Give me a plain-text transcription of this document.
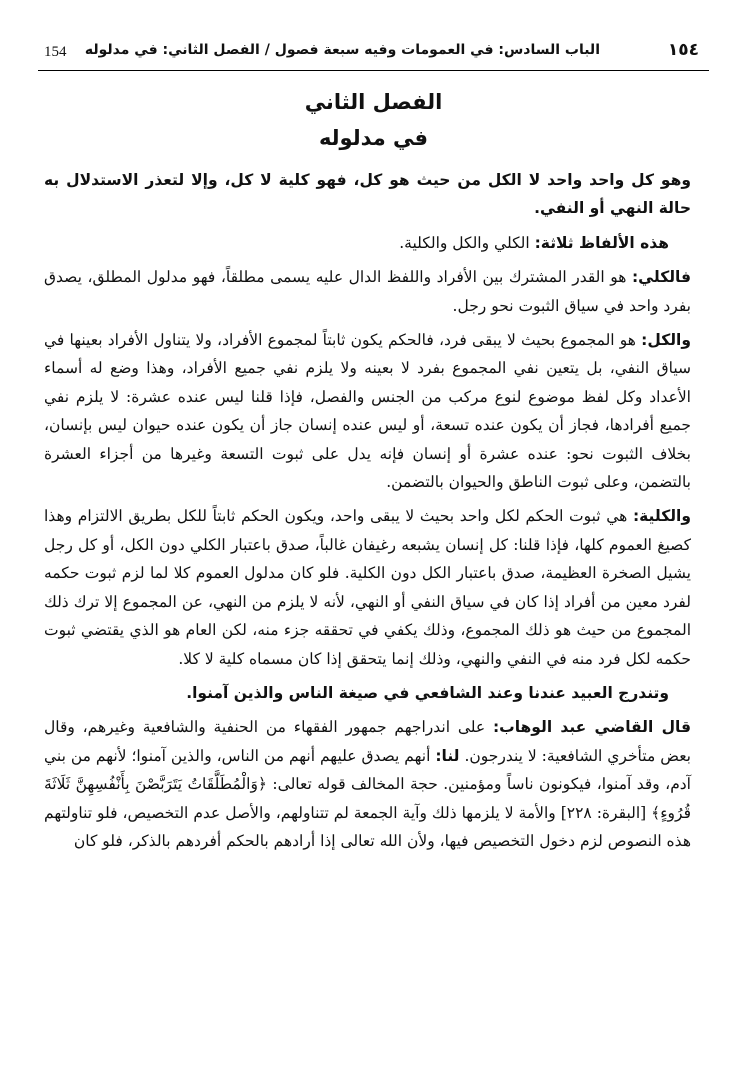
154 الباب السادس: في العمومات وفيه سبعة فصول / الفصل الثاني: في مدلوله	١٥٤
الفصل الثاني
في مدلوله

وهو كل واحد واحد لا الكل من حيث هو كل، فهو كلية لا كل، وإلا لتعذر الاستدلال به حالة النهي أو النفي.

هذه الألفاظ ثلاثة: الكلي والكل والكلية.

فالكلي: هو القدر المشترك بين الأفراد واللفظ الدال عليه يسمى مطلقاً، فهو مدلول المطلق، يصدق بفرد واحد في سياق الثبوت نحو رجل.

والكل: هو المجموع بحيث لا يبقى فرد، فالحكم يكون ثابتاً لمجموع الأفراد، ولا يتناول الأفراد بعينها في سياق النفي، بل يتعين نفي المجموع بفرد لا بعينه ولا يلزم نفي جميع الأفراد، وهذا وضع له أسماء الأعداد وكل لفظ موضوع لنوع مركب من الجنس والفصل، فإذا قلنا ليس عنده عشرة: لا يلزم نفي جميع أفرادها، فجاز أن يكون عنده تسعة، أو ليس عنده إنسان جاز أن يكون عنده حيوان ليس بإنسان، بخلاف الثبوت نحو: عنده عشرة أو إنسان فإنه يدل على ثبوت التسعة وغيرها من أجزاء العشرة بالتضمن، وعلى ثبوت الناطق والحيوان بالتضمن.

والكلية: هي ثبوت الحكم لكل واحد بحيث لا يبقى واحد، ويكون الحكم ثابتاً للكل بطريق الالتزام وهذا كصيغ العموم كلها، فإذا قلنا: كل إنسان يشبعه رغيفان غالباً، صدق باعتبار الكلي دون الكل، أو كل رجل يشيل الصخرة العظيمة، صدق باعتبار الكل دون الكلية. فلو كان مدلول العموم كلا لما لزم ثبوت حكمه لفرد معين من أفراد إذا كان في سياق النفي أو النهي، لأنه لا يلزم من النهي، عن المجموع إلا ترك ذلك المجموع من حيث هو ذلك المجموع، وذلك يكفي في تحققه جزء منه، لكن العام هو الذي يقتضي ثبوت حكمه لكل فرد منه في النفي والنهي، وذلك إنما يتحقق إذا كان مسماه كلية لا كلا.

وتندرج العبيد عندنا وعند الشافعي في صيغة الناس والذين آمنوا.

قال القاضي عبد الوهاب: على اندراجهم جمهور الفقهاء من الحنفية والشافعية وغيرهم، وقال بعض متأخري الشافعية: لا يندرجون. لنا: أنهم يصدق عليهم أنهم من الناس، والذين آمنوا؛ لأنهم من بني آدم، وقد آمنوا، فيكونون ناساً ومؤمنين. حجة المخالف قوله تعالى: ﴿وَالْمُطَلَّقَاتُ يَتَرَبَّصْنَ بِأَنْفُسِهِنَّ ثَلَاثَةَ قُرُوءٍ﴾ [البقرة: ٢٢٨] والأمة لا يلزمها ذلك وآية الجمعة لم تتناولهم، والأصل عدم التخصيص، فلو تناولتهم هذه النصوص لزم دخول التخصيص فيها، ولأن الله تعالى إذا أرادهم بالحكم أفردهم بالذكر، فلو كان
